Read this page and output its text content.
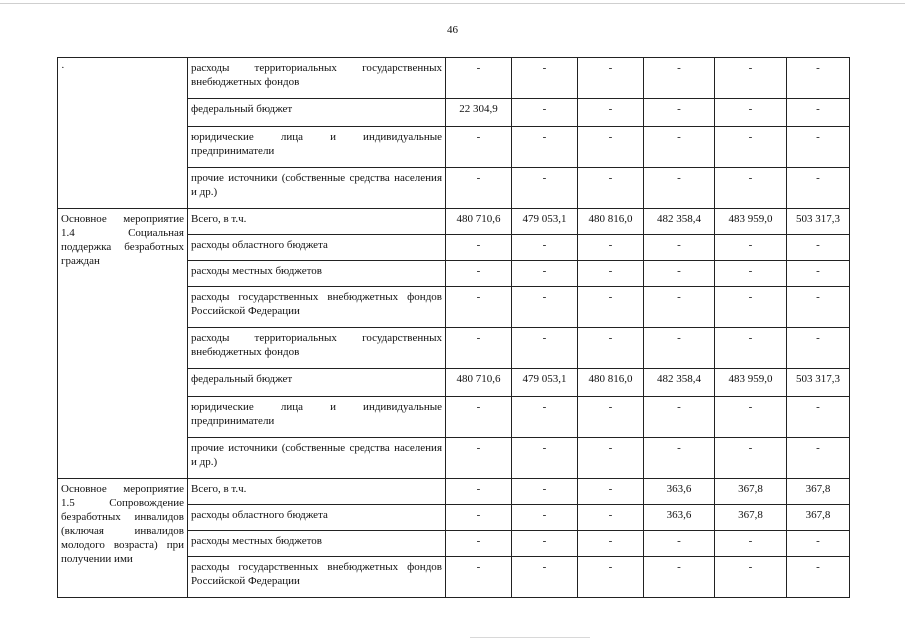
46
·	расходы территориальных государственных внебюджетных фондов	-	-	-	-	-	-
	федеральный бюджет	22 304,9	-	-	-	-	-
	юридические лица и индивидуальные предприниматели	-	-	-	-	-	-
	прочие источники (собственные средства населения и др.)	-	-	-	-	-	-
Основное мероприятие 1.4 Социальная поддержка безработных граждан	Всего, в т.ч.	480 710,6	479 053,1	480 816,0	482 358,4	483 959,0	503 317,3
	расходы областного бюджета	-	-	-	-	-	-
	расходы местных бюджетов	-	-	-	-	-	-
	расходы государственных внебюджетных фондов Российской Федерации	-	-	-	-	-	-
	расходы территориальных государственных внебюджетных фондов	-	-	-	-	-	-
	федеральный бюджет	480 710,6	479 053,1	480 816,0	482 358,4	483 959,0	503 317,3
	юридические лица и индивидуальные предприниматели	-	-	-	-	-	-
	прочие источники (собственные средства населения и др.)	-	-	-	-	-	-
Основное мероприятие 1.5 Сопровождение безработных инвалидов (включая инвалидов молодого возраста) при получении ими	Всего, в т.ч.	-	-	-	363,6	367,8	367,8
	расходы областного бюджета	-	-	-	363,6	367,8	367,8
	расходы местных бюджетов	-	-	-	-	-	-
	расходы государственных внебюджетных фондов Российской Федерации	-	-	-	-	-	-
